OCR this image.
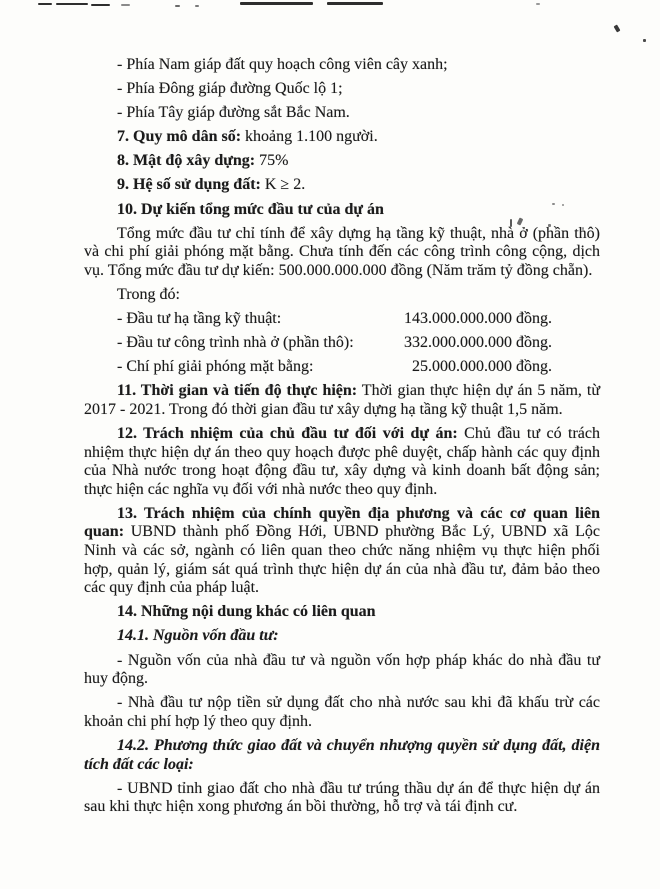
- Phía Nam giáp đất quy hoạch công viên cây xanh;

- Phía Đông giáp đường Quốc lộ 1;

- Phía Tây giáp đường sắt Bắc Nam.

7. Quy mô dân số: khoảng 1.100 người.

8. Mật độ xây dựng: 75%

9. Hệ số sử dụng đất: K ≥ 2.

10. Dự kiến tổng mức đầu tư của dự án

Tổng mức đầu tư chỉ tính để xây dựng hạ tầng kỹ thuật, nhà ở (phần thô) và chi phí giải phóng mặt bằng. Chưa tính đến các công trình công cộng, dịch vụ. Tổng mức đầu tư dự kiến: 500.000.000.000 đồng (Năm trăm tỷ đồng chẵn).

Trong đó:

- Đầu tư hạ tầng kỹ thuật:	143.000.000.000 đồng.

- Đầu tư công trình nhà ở (phần thô):	332.000.000.000 đồng.

- Chí phí giải phóng mặt bằng:	25.000.000.000 đồng.

11. Thời gian và tiến độ thực hiện: Thời gian thực hiện dự án 5 năm, từ 2017 - 2021. Trong đó thời gian đầu tư xây dựng hạ tầng kỹ thuật 1,5 năm.

12. Trách nhiệm của chủ đầu tư đối với dự án: Chủ đầu tư có trách nhiệm thực hiện dự án theo quy hoạch được phê duyệt, chấp hành các quy định của Nhà nước trong hoạt động đầu tư, xây dựng và kinh doanh bất động sản; thực hiện các nghĩa vụ đối với nhà nước theo quy định.

13. Trách nhiệm của chính quyền địa phương và các cơ quan liên quan: UBND thành phố Đồng Hới, UBND phường Bắc Lý, UBND xã Lộc Ninh và các sở, ngành có liên quan theo chức năng nhiệm vụ thực hiện phối hợp, quản lý, giám sát quá trình thực hiện dự án của nhà đầu tư, đảm bảo theo các quy định của pháp luật.

14. Những nội dung khác có liên quan

14.1. Nguồn vốn đầu tư:

- Nguồn vốn của nhà đầu tư và nguồn vốn hợp pháp khác do nhà đầu tư huy động.

- Nhà đầu tư nộp tiền sử dụng đất cho nhà nước sau khi đã khấu trừ các khoản chi phí hợp lý theo quy định.

14.2. Phương thức giao đất và chuyển nhượng quyền sử dụng đất, diện tích đất các loại:

- UBND tỉnh giao đất cho nhà đầu tư trúng thầu dự án để thực hiện dự án sau khi thực hiện xong phương án bồi thường, hỗ trợ và tái định cư.
